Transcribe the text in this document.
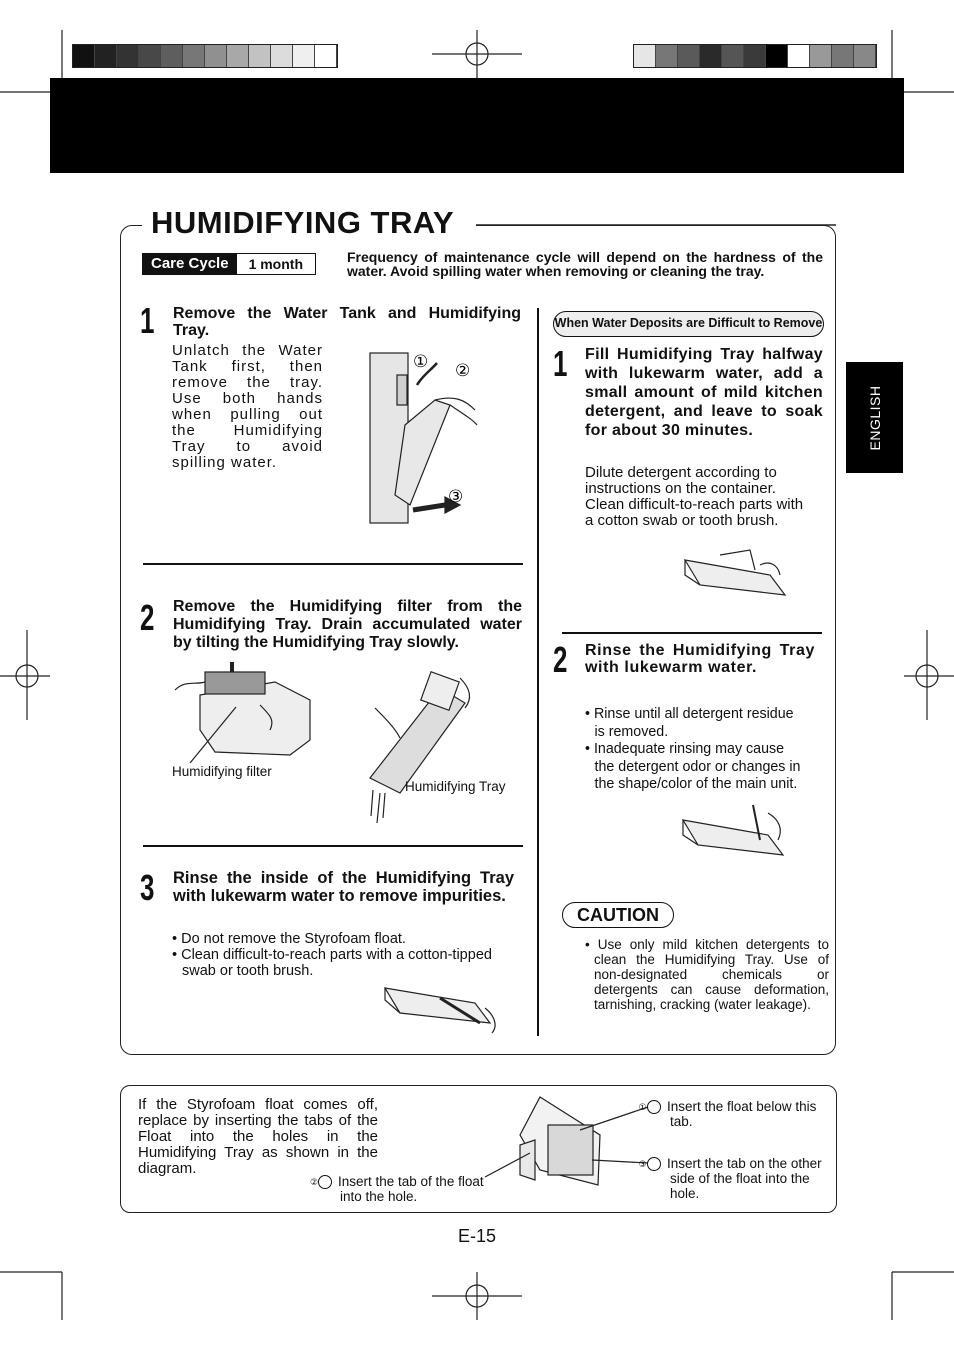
ENGLISH
HUMIDIFYING TRAY
Care Cycle	1 month	Frequency of maintenance cycle will depend on the hardness of the water. Avoid spilling water when removing or cleaning the tray.
1 Remove the Water Tank and Humidifying Tray.
Unlatch the Water Tank first, then remove the tray. Use both hands when pulling out the Humidifying Tray to avoid spilling water.
① ②
③
2 Remove the Humidifying filter from the Humidifying Tray. Drain accumulated water by tilting the Humidifying Tray slowly.
Humidifying filter
Humidifying Tray
3 Rinse the inside of the Humidifying Tray with lukewarm water to remove impurities.
• Do not remove the Styrofoam float.
• Clean difficult-to-reach parts with a cotton-tipped swab or tooth brush.
When Water Deposits are Difficult to Remove
1 Fill Humidifying Tray halfway with lukewarm water, add a small amount of mild kitchen detergent, and leave to soak for about 30 minutes.
Dilute detergent according to instructions on the container. Clean difficult-to-reach parts with a cotton swab or tooth brush.
2 Rinse the Humidifying Tray with lukewarm water.
• Rinse until all detergent residue is removed.
• Inadequate rinsing may cause the detergent odor or changes in the shape/color of the main unit.
CAUTION
• Use only mild kitchen detergents to clean the Humidifying Tray. Use of non-designated chemicals or detergents can cause deformation, tarnishing, cracking (water leakage).
If the Styrofoam float comes off, replace by inserting the tabs of the Float into the holes in the Humidifying Tray as shown in the diagram.
① Insert the float below this tab.
② Insert the tab of the float into the hole.
③ Insert the tab on the other side of the float into the hole.
E-15
